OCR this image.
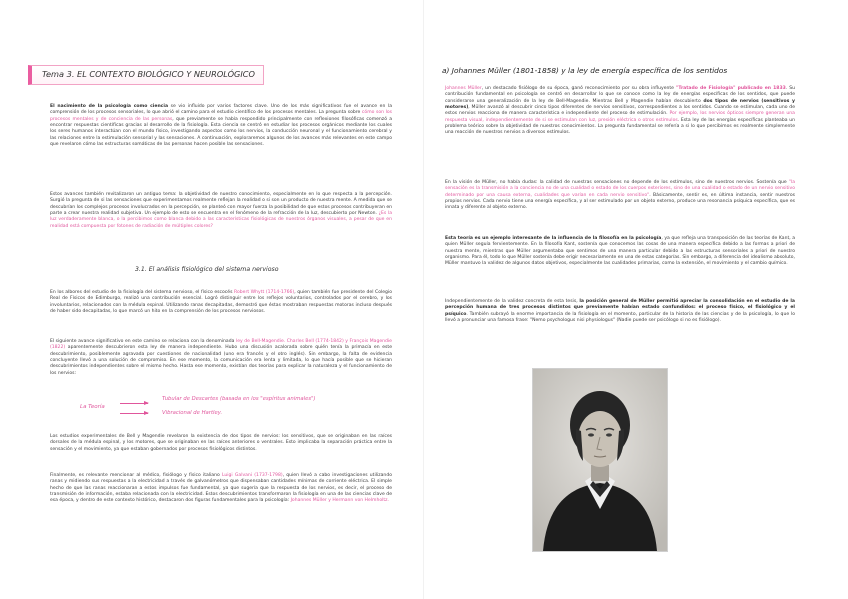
Tema 3. EL CONTEXTO BIOLÓGICO Y NEUROLÓGICO

El nacimiento de la psicología como ciencia se vio influido por varios factores clave. Uno de los más significativos fue el avance en la comprensión de los procesos sensoriales, lo que abrió el camino para el estudio científico de los procesos mentales. La pregunta sobre cómo son los procesos mentales y de conciencia de las personas, que previamente se había respondido principalmente con reflexiones filosóficas comenzó a encontrar respuestas científicas gracias al desarrollo de la fisiología. Esta ciencia se centró en estudiar los procesos orgánicos mediante los cuales los seres humanos interactúan con el mundo físico, investigando aspectos como los nervios, la conducción neuronal y el funcionamiento cerebral y las relaciones entre la estimulación sensorial y las sensaciones. A continuación, exploraremos algunos de los avances más relevantes en este campo que revelaron cómo las estructuras somáticas de las personas hacen posible las sensaciones.

Estos avances también revitalizaron un antiguo tema: la objetividad de nuestro conocimiento, especialmente en lo que respecta a la percepción. Surgió la pregunta de si las sensaciones que experimentamos realmente reflejan la realidad o si son un producto de nuestra mente. A medida que se descubrían los complejos procesos involucrados en la percepción, se planteó con mayor fuerza la posibilidad de que estos procesos contribuyeran en parte a crear nuestra realidad subjetiva. Un ejemplo de esto se encuentra en el fenómeno de la refracción de la luz, descubierto por Newton. ¿Es la luz verdaderamente blanca, o la percibimos como blanca debido a las características fisiológicas de nuestros órganos visuales, a pesar de que en realidad está compuesta por fotones de radiación de múltiples colores?

3.1. El análisis fisiológico del sistema nervioso

En los albores del estudio de la fisiología del sistema nervioso, el físico escocés Robert Whytt (1714-1766), quien también fue presidente del Colegio Real de Físicos de Edimburgo, realizó una contribución esencial. Logró distinguir entre los reflejos voluntarios, controlados por el cerebro, y los involuntarios, relacionados con la médula espinal. Utilizando ranas decapitadas, demostró que éstas mostraban respuestas motoras incluso después de haber sido decapitadas, lo que marcó un hito en la comprensión de los procesos nerviosos.

El siguiente avance significativo en este camino se relaciona con la denominada ley de Bell-Magendie. Charles Bell (1774-1842) y François Magendie (1822) aparentemente descubrieron esta ley de manera independiente. Hubo una discusión acalorada sobre quién tenía la primacía en este descubrimiento, posiblemente agravada por cuestiones de nacionalidad (uno era francés y el otro inglés). Sin embargo, la falta de evidencia concluyente llevó a una solución de compromiso. En ese momento, la comunicación era lenta y limitada, lo que hacía posible que se hicieran descubrimientos independientes sobre el mismo hecho. Hasta ese momento, existían dos teorías para explicar la naturaleza y el funcionamiento de los nervios:

La Teoría
Tubular de Descartes (basada en los "espíritus animales")
Vibracional de Hartley.

Los estudios experimentales de Bell y Magendie revelaron la existencia de dos tipos de nervios: los sensitivos, que se originaban en las raíces dorsales de la médula espinal, y los motores, que se originaban en las raíces anteriores o ventrales. Esto implicaba la separación práctica entre la sensación y el movimiento, ya que estaban gobernados por procesos fisiológicos distintos.

Finalmente, es relevante mencionar al médico, fisiólogo y físico italiano Luigi Galvani (1737-1798), quien llevó a cabo investigaciones utilizando ranas y midiendo sus respuestas a la electricidad a través de galvanómetros que dispensaban cantidades mínimas de corriente eléctrica. El simple hecho de que las ranas reaccionaran a estos impulsos fue fundamental, ya que sugería que la respuesta de los nervios, es decir, el proceso de transmisión de información, estaba relacionada con la electricidad. Estos descubrimientos transformaron la fisiología en una de las ciencias clave de esa época, y dentro de este contexto histórico, destacaron dos figuras fundamentales para la psicología: Johannes Müller y Hermann von Helmholtz.

a) Johannes Müller (1801-1858) y la ley de energía específica de los sentidos

Johannes Müller, un destacado fisiólogo de su época, ganó reconocimiento por su obra influyente "Tratado de Fisiología" publicado en 1833. Su contribución fundamental en psicología se centró en desarrollar lo que se conoce como la ley de energías específicas de los sentidos, que puede considerarse una generalización de la ley de Bell-Magendie. Mientras Bell y Magendie habían descubierto dos tipos de nervios (sensitivos y motores), Müller avanzó al descubrir cinco tipos diferentes de nervios sensitivos, correspondientes a los sentidos. Cuando se estimulan, cada uno de estos nervios reacciona de manera característica e independiente del proceso de estimulación. Por ejemplo, los nervios ópticos siempre generan una respuesta visual, independientemente de si se estimulan con luz, presión eléctrica o otros estímulos. Esta ley de las energías específicas planteaba un problema teórico sobre la objetividad de nuestros conocimientos. La pregunta fundamental se refería a si lo que percibimos es realmente simplemente una reacción de nuestros nervios a diversos estímulos.

En la visión de Müller, no había dudas: la calidad de nuestras sensaciones no depende de los estímulos, sino de nuestros nervios. Sostenía que "la sensación es la transmisión a la conciencia no de una cualidad o estado de los cuerpos exteriores, sino de una cualidad o estado de un nervio sensitivo determinado por una causa externa, cualidades que varían en cada nervio sensitivo". Básicamente, sentir es, en última instancia, sentir nuestros propios nervios. Cada nervio tiene una energía específica, y al ser estimulado por un objeto externo, produce una resonancia psíquica específica, que es innata y diferente al objeto externo.

Esta teoría es un ejemplo interesante de la influencia de la filosofía en la psicología, ya que refleja una transposición de las teorías de Kant, a quien Müller seguía fervientemente. En la filosofía Kant, sostenía que conocemos las cosas de una manera específica debido a las formas a priori de nuestra mente, mientras que Müller argumentaba que sentimos de una manera particular debido a las estructuras sensoriales a priori de nuestro organismo. Para él, todo lo que Müller sostenía debe erigir necesariamente en una de estas categorías. Sin embargo, a diferencia del idealismo absoluto, Müller mantuvo la validez de algunos datos objetivos, especialmente las cualidades primarias, como la extensión, el movimiento y el cambio químico.

Independientemente de la validez concreta de esta tesis, la posición general de Müller permitió apreciar la consolidación en el estudio de la percepción humana de tres procesos distintos que previamente habían estado confundidos: el proceso físico, el fisiológico y el psíquico. También subrayó la enorme importancia de la fisiología en el momento, particular de la historia de las ciencias y de la psicología, lo que lo llevó a pronunciar una famosa frase: "Nemo psychologus nisi physiologus" (Nadie puede ser psicólogo si no es fisiólogo).
